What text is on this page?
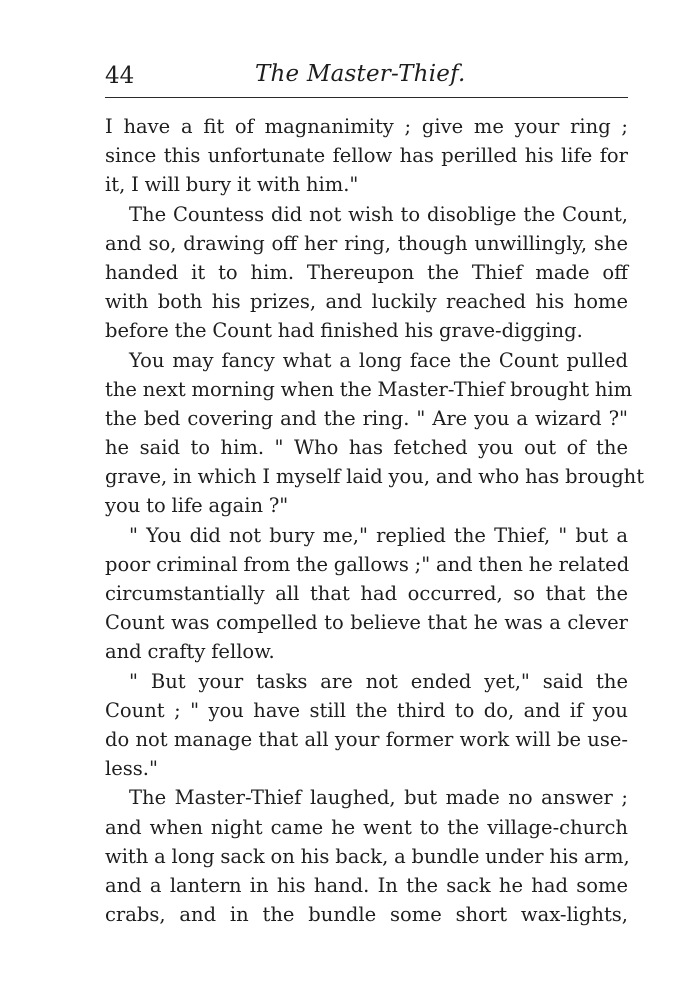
44	The Master-Thief.
I have a fit of magnanimity ; give me your ring ;
since this unfortunate fellow has perilled his life for
it, I will bury it with him."
The Countess did not wish to disoblige the Count,
and so, drawing off her ring, though unwillingly, she
handed it to him. Thereupon the Thief made off
with both his prizes, and luckily reached his home
before the Count had finished his grave-digging.
You may fancy what a long face the Count pulled
the next morning when the Master-Thief brought him
the bed covering and the ring. " Are you a wizard ?"
he said to him. " Who has fetched you out of the
grave, in which I myself laid you, and who has brought
you to life again ?"
" You did not bury me," replied the Thief, " but a
poor criminal from the gallows ;" and then he related
circumstantially all that had occurred, so that the
Count was compelled to believe that he was a clever
and crafty fellow.
" But your tasks are not ended yet," said the
Count ; " you have still the third to do, and if you
do not manage that all your former work will be use-
less."
The Master-Thief laughed, but made no answer ;
and when night came he went to the village-church
with a long sack on his back, a bundle under his arm,
and a lantern in his hand. In the sack he had some
crabs, and in the bundle some short wax-lights,
